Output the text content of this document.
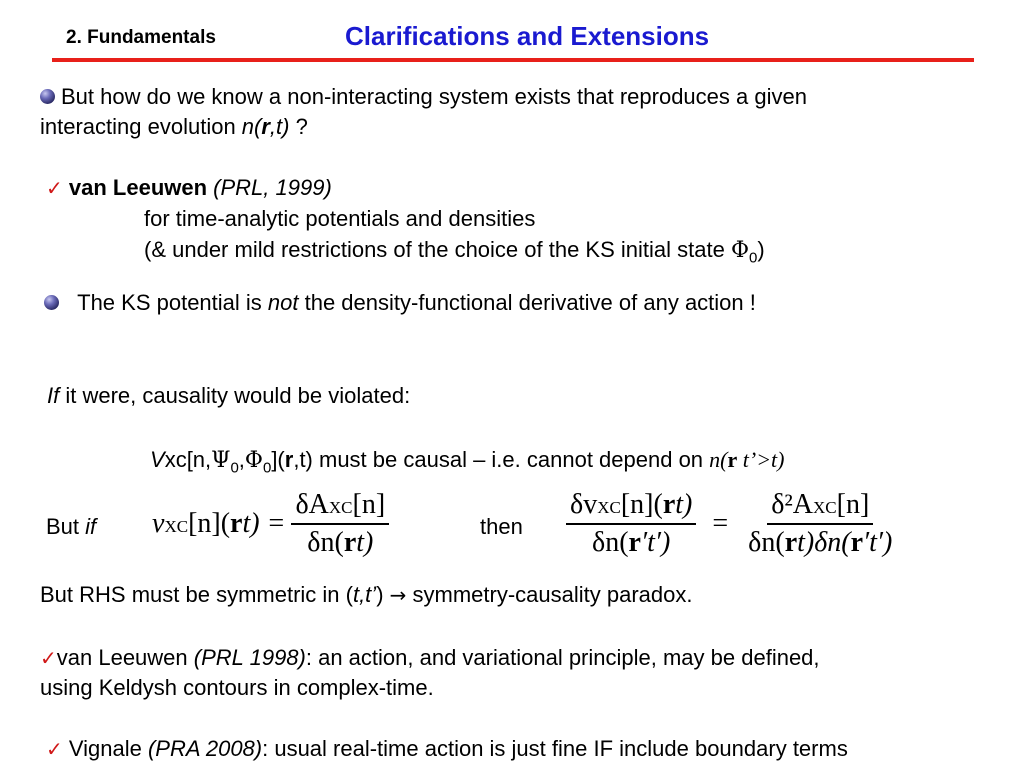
2. Fundamentals	Clarifications and Extensions
But how do we know a non-interacting system exists that reproduces a given
interacting evolution n(r,t) ?
✓ van Leeuwen (PRL, 1999)
for time-analytic potentials and densities
(& under mild restrictions of the choice of the KS initial state $\Phi_0$)
The KS potential is not the density-functional derivative of any action !
If it were, causality would be violated:
$Vxc[n,\Psi_0,\Phi_0](r,t)$ must be causal – i.e. cannot depend on n(r t’>t)
But if $vXC[n](rt) = \frac{\text{δAXC[n]}}{\delta n(rt)}$	then $\frac{\text{δvXC[n](rt)}}{\delta n(r't')} = \frac{\text{δ²AXC[n]}}{\delta n(rt)\delta n(r't')}$
But RHS must be symmetric in (t,t’) → symmetry-causality paradox.
✓van Leeuwen (PRL 1998): an action, and variational principle, may be defined,
using Keldysh contours in complex-time.
✓ Vignale (PRA 2008): usual real-time action is just fine IF include boundary terms
